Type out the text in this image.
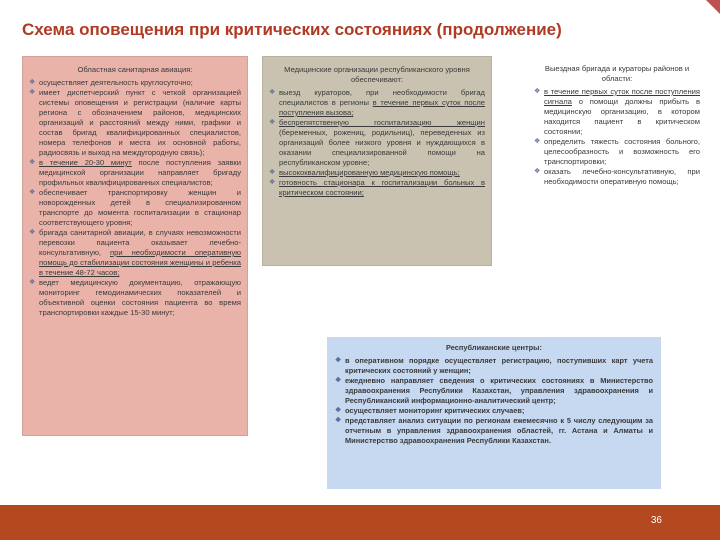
Схема оповещения при критических состояниях (продолжение)
Областная санитарная авиация:
❖ осуществляет деятельность круглосуточно;
❖ имеет диспетчерский пункт с четкой организацией системы оповещения и регистрации (наличие карты региона с обозначением районов, медицинских организаций и расстояний между ними, графики и состав бригад квалифицированных специалистов, номера телефонов и места их основной работы, радиосвязь и выход на междугородную связь);
❖ в течение 20-30 минут после поступления заявки медицинской организации направляет бригаду профильных квалифицированных специалистов;
❖ обеспечивает транспортировку женщин и новорожденных детей в специализированном транспорте до момента госпитализации в стационар соответствующего уровня;
❖ бригада санитарной авиации, в случаях невозможности перевозки пациента оказывает лечебно-консультативную, при необходимости оперативную помощь до стабилизации состояния женщины и ребенка в течение 48-72 часов;
❖ ведет медицинскую документацию, отражающую мониторинг гемодинамических показателей и объективной оценки состояния пациента во время транспортировки каждые 15-30 минут;
Медицинские организации республиканского уровня обеспечивают:
❖ выезд кураторов, при необходимости бригад специалистов в регионы в течение первых суток после поступления вызова;
❖ беспрепятственную госпитализацию женщин (беременных, рожениц, родильниц), переведенных из организаций более низкого уровня и нуждающихся в оказании специализированной помощи на республиканском уровне;
❖ высококвалифицированную медицинскую помощь;
❖ готовность стационара к госпитализации больных в критическом состоянии;
Выездная бригада и кураторы районов и области:
❖ в течение первых суток после поступления сигнала о помощи должны прибыть в медицинскую организацию, в котором находится пациент в критическом состоянии;
❖ определить тяжесть состояния больного, целесообразность и возможность его транспортировки;
❖ оказать лечебно-консультативную, при необходимости оперативную помощь;
Республиканские центры:
❖ в оперативном порядке осуществляет регистрацию, поступивших карт учета критических состояний у женщин;
❖ ежедневно направляет сведения о критических состояниях в Министерство здравоохранения Республики Казахстан, управления здравоохранения и Республиканский информационно-аналитический центр;
❖ осуществляет мониторинг критических случаев;
❖ представляет анализ ситуации по регионам ежемесячно к 5 числу следующим за отчетным в управления здравоохранения областей, гг. Астана и Алматы и Министерство здравоохранения Республики Казахстан.
36
